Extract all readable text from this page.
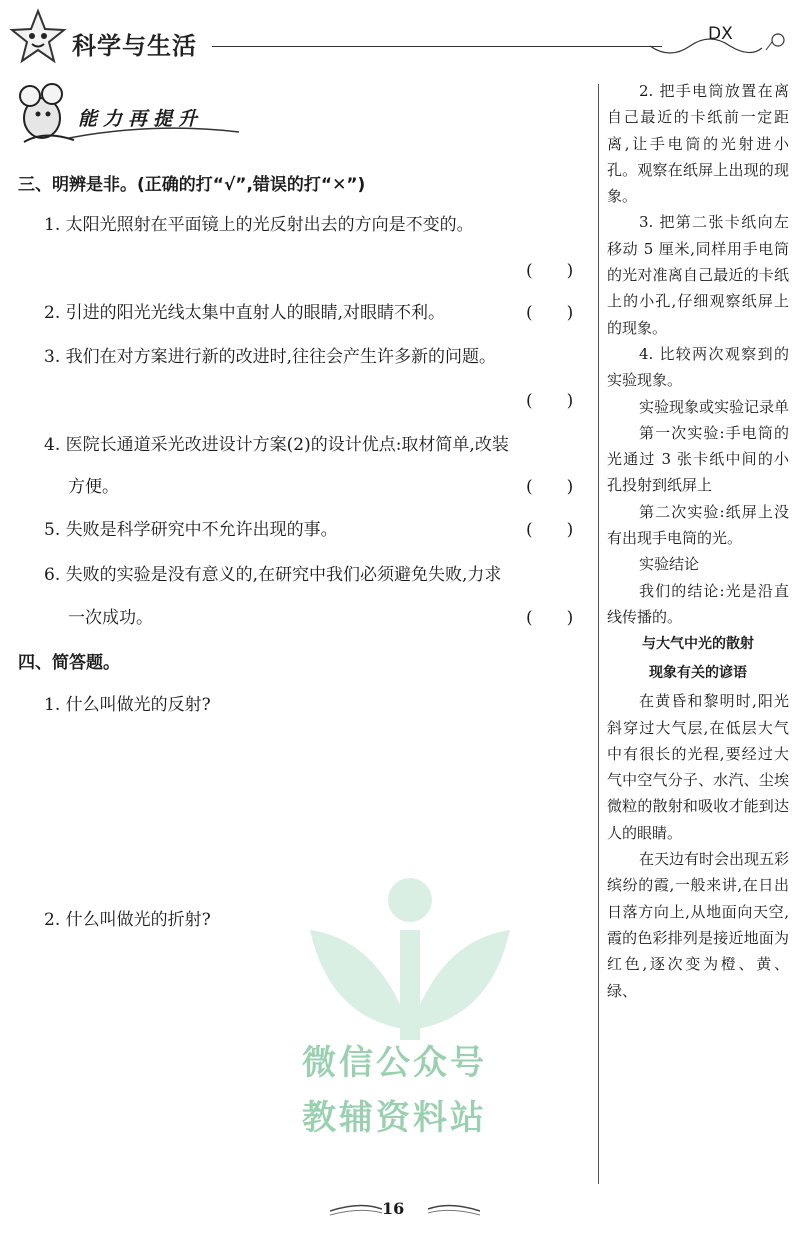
科学与生活	DX
能力再提升
三、明辨是非。(正确的打“√”,错误的打“✕”)
1. 太阳光照射在平面镜上的光反射出去的方向是不变的。
(　　)
2. 引进的阳光光线太集中直射人的眼睛,对眼睛不利。	(　　)
3. 我们在对方案进行新的改进时,往往会产生许多新的问题。
(　　)
4. 医院长通道采光改进设计方案(2)的设计优点:取材简单,改装
方便。	(　　)
5. 失败是科学研究中不允许出现的事。	(　　)
6. 失败的实验是没有意义的,在研究中我们必须避免失败,力求
一次成功。	(　　)
四、简答题。
1. 什么叫做光的反射?
2. 什么叫做光的折射?
微信公众号
教辅资料站

2. 把手电筒放置在离自己最近的卡纸前一定距离,让手电筒的光射进小孔。观察在纸屏上出现的现象。

3. 把第二张卡纸向左移动 5 厘米,同样用手电筒的光对准离自己最近的卡纸上的小孔,仔细观察纸屏上的现象。

4. 比较两次观察到的实验现象。

实验现象或实验记录单

第一次实验:手电筒的光通过 3 张卡纸中间的小孔投射到纸屏上

第二次实验:纸屏上没有出现手电筒的光。

实验结论

我们的结论:光是沿直线传播的。

与大气中光的散射

现象有关的谚语

在黄昏和黎明时,阳光斜穿过大气层,在低层大气中有很长的光程,要经过大气中空气分子、水汽、尘埃微粒的散射和吸收才能到达人的眼睛。

在天边有时会出现五彩缤纷的霞,一般来讲,在日出日落方向上,从地面向天空,霞的色彩排列是接近地面为红色,逐次变为橙、黄、绿、

16
